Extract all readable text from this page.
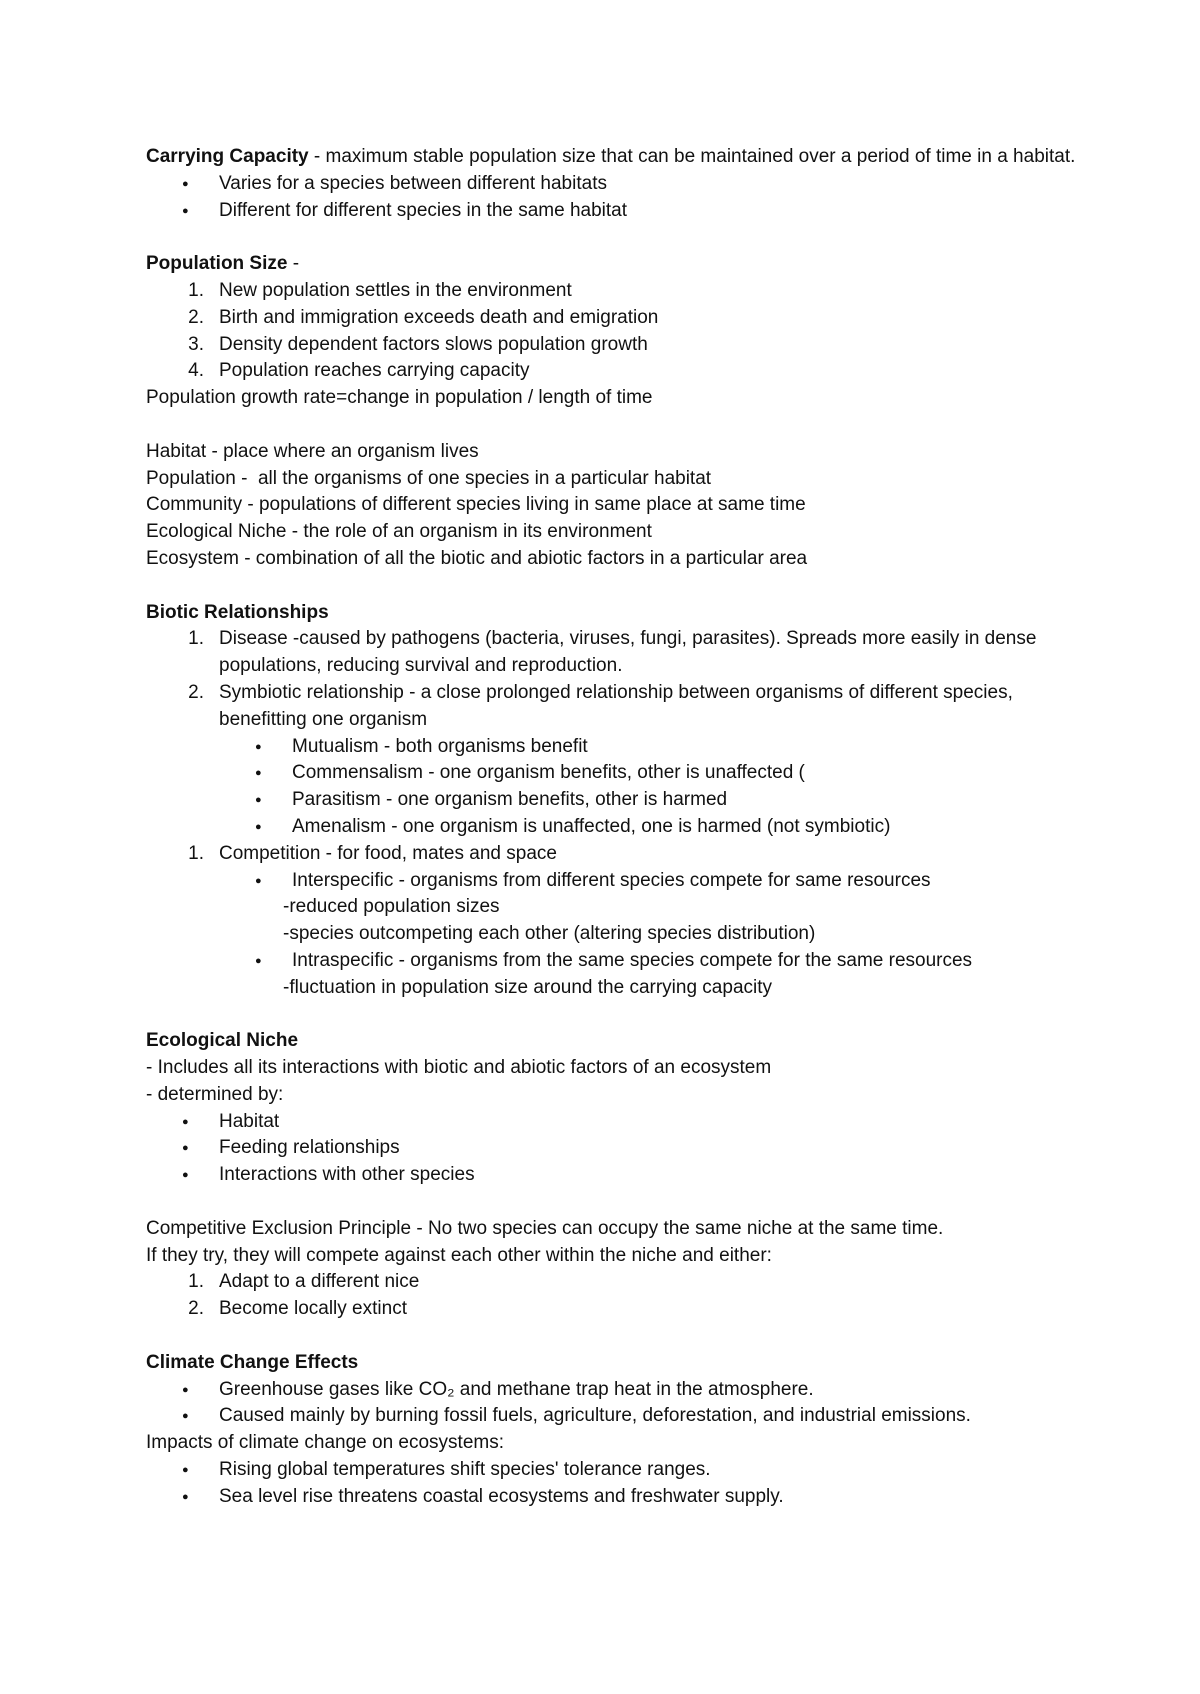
Carrying Capacity - maximum stable population size that can be maintained over a period of time in a habitat.
●	Varies for a species between different habitats
●	Different for different species in the same habitat
Population Size -
1. New population settles in the environment
2. Birth and immigration exceeds death and emigration
3. Density dependent factors slows population growth
4. Population reaches carrying capacity
Population growth rate=change in population / length of time
Habitat - place where an organism lives
Population -  all the organisms of one species in a particular habitat
Community - populations of different species living in same place at same time
Ecological Niche - the role of an organism in its environment
Ecosystem - combination of all the biotic and abiotic factors in a particular area
Biotic Relationships
1. Disease -caused by pathogens (bacteria, viruses, fungi, parasites). Spreads more easily in dense populations, reducing survival and reproduction.
2. Symbiotic relationship - a close prolonged relationship between organisms of different species, benefitting one organism
●	Mutualism - both organisms benefit
●	Commensalism - one organism benefits, other is unaffected (
●	Parasitism - one organism benefits, other is harmed
●	Amenalism - one organism is unaffected, one is harmed (not symbiotic)
1. Competition - for food, mates and space
●	Interspecific - organisms from different species compete for same resources
-reduced population sizes
-species outcompeting each other (altering species distribution)
●	Intraspecific - organisms from the same species compete for the same resources
-fluctuation in population size around the carrying capacity
Ecological Niche
- Includes all its interactions with biotic and abiotic factors of an ecosystem
- determined by:
●	Habitat
●	Feeding relationships
●	Interactions with other species
Competitive Exclusion Principle - No two species can occupy the same niche at the same time.
If they try, they will compete against each other within the niche and either:
1. Adapt to a different nice
2. Become locally extinct
Climate Change Effects
●	Greenhouse gases like CO₂ and methane trap heat in the atmosphere.
●	Caused mainly by burning fossil fuels, agriculture, deforestation, and industrial emissions.
Impacts of climate change on ecosystems:
●	Rising global temperatures shift species' tolerance ranges.
●	Sea level rise threatens coastal ecosystems and freshwater supply.
